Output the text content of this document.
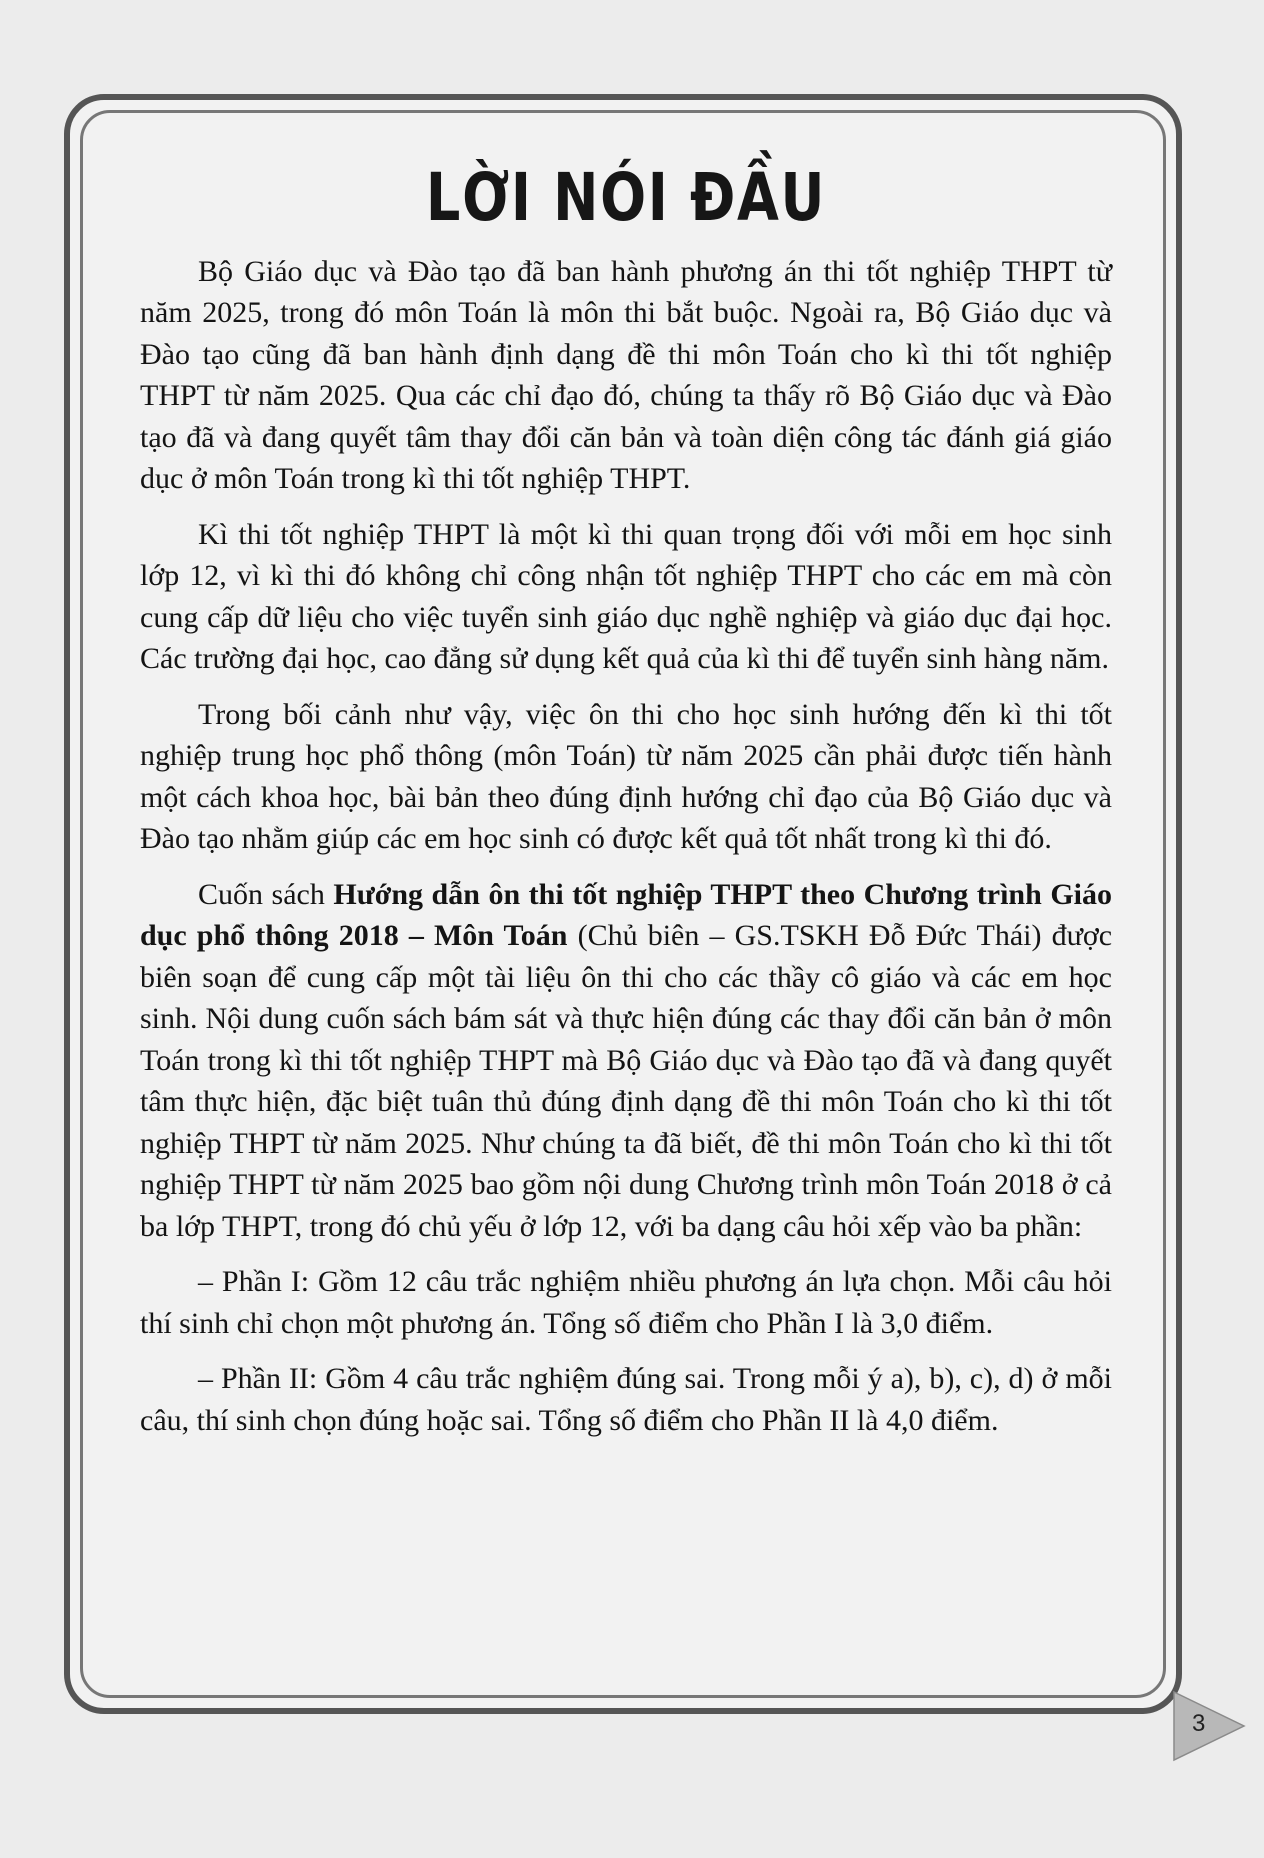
LỜI NÓI ĐẦU

Bộ Giáo dục và Đào tạo đã ban hành phương án thi tốt nghiệp THPT từ năm 2025, trong đó môn Toán là môn thi bắt buộc. Ngoài ra, Bộ Giáo dục và Đào tạo cũng đã ban hành định dạng đề thi môn Toán cho kì thi tốt nghiệp THPT từ năm 2025. Qua các chỉ đạo đó, chúng ta thấy rõ Bộ Giáo dục và Đào tạo đã và đang quyết tâm thay đổi căn bản và toàn diện công tác đánh giá giáo dục ở môn Toán trong kì thi tốt nghiệp THPT.

Kì thi tốt nghiệp THPT là một kì thi quan trọng đối với mỗi em học sinh lớp 12, vì kì thi đó không chỉ công nhận tốt nghiệp THPT cho các em mà còn cung cấp dữ liệu cho việc tuyển sinh giáo dục nghề nghiệp và giáo dục đại học. Các trường đại học, cao đẳng sử dụng kết quả của kì thi để tuyển sinh hàng năm.

Trong bối cảnh như vậy, việc ôn thi cho học sinh hướng đến kì thi tốt nghiệp trung học phổ thông (môn Toán) từ năm 2025 cần phải được tiến hành một cách khoa học, bài bản theo đúng định hướng chỉ đạo của Bộ Giáo dục và Đào tạo nhằm giúp các em học sinh có được kết quả tốt nhất trong kì thi đó.

Cuốn sách Hướng dẫn ôn thi tốt nghiệp THPT theo Chương trình Giáo dục phổ thông 2018 – Môn Toán (Chủ biên – GS.TSKH Đỗ Đức Thái) được biên soạn để cung cấp một tài liệu ôn thi cho các thầy cô giáo và các em học sinh. Nội dung cuốn sách bám sát và thực hiện đúng các thay đổi căn bản ở môn Toán trong kì thi tốt nghiệp THPT mà Bộ Giáo dục và Đào tạo đã và đang quyết tâm thực hiện, đặc biệt tuân thủ đúng định dạng đề thi môn Toán cho kì thi tốt nghiệp THPT từ năm 2025. Như chúng ta đã biết, đề thi môn Toán cho kì thi tốt nghiệp THPT từ năm 2025 bao gồm nội dung Chương trình môn Toán 2018 ở cả ba lớp THPT, trong đó chủ yếu ở lớp 12, với ba dạng câu hỏi xếp vào ba phần:

– Phần I: Gồm 12 câu trắc nghiệm nhiều phương án lựa chọn. Mỗi câu hỏi thí sinh chỉ chọn một phương án. Tổng số điểm cho Phần I là 3,0 điểm.

– Phần II: Gồm 4 câu trắc nghiệm đúng sai. Trong mỗi ý a), b), c), d) ở mỗi câu, thí sinh chọn đúng hoặc sai. Tổng số điểm cho Phần II là 4,0 điểm.

3
